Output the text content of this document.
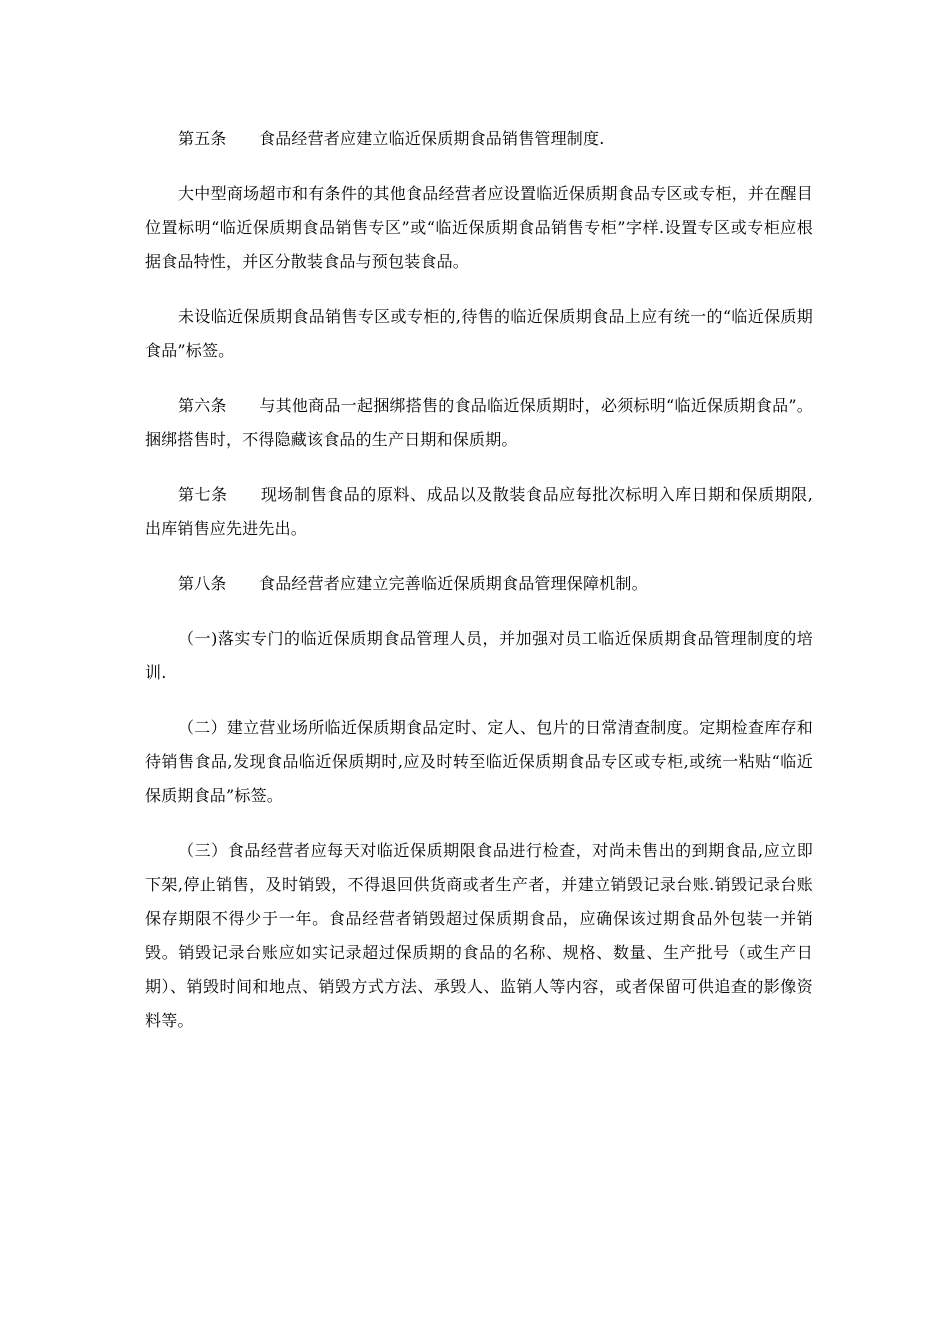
第五条　　食品经营者应建立临近保质期食品销售管理制度.

大中型商场超市和有条件的其他食品经营者应设置临近保质期食品专区或专柜，并在醒目位置标明“临近保质期食品销售专区”或“临近保质期食品销售专柜”字样.设置专区或专柜应根据食品特性，并区分散装食品与预包装食品。

未设临近保质期食品销售专区或专柜的,待售的临近保质期食品上应有统一的“临近保质期食品”标签。

第六条　　与其他商品一起捆绑搭售的食品临近保质期时，必须标明“临近保质期食品”。捆绑搭售时，不得隐藏该食品的生产日期和保质期。

第七条　　现场制售食品的原料、成品以及散装食品应每批次标明入库日期和保质期限,出库销售应先进先出。

第八条　　食品经营者应建立完善临近保质期食品管理保障机制。

（一)落实专门的临近保质期食品管理人员，并加强对员工临近保质期食品管理制度的培训.

（二）建立营业场所临近保质期食品定时、定人、包片的日常清查制度。定期检查库存和待销售食品,发现食品临近保质期时,应及时转至临近保质期食品专区或专柜,或统一粘贴“临近保质期食品”标签。

（三）食品经营者应每天对临近保质期限食品进行检查，对尚未售出的到期食品,应立即下架,停止销售，及时销毁，不得退回供货商或者生产者，并建立销毁记录台账.销毁记录台账保存期限不得少于一年。食品经营者销毁超过保质期食品，应确保该过期食品外包装一并销毁。销毁记录台账应如实记录超过保质期的食品的名称、规格、数量、生产批号（或生产日期）、销毁时间和地点、销毁方式方法、承毁人、监销人等内容，或者保留可供追查的影像资料等。
